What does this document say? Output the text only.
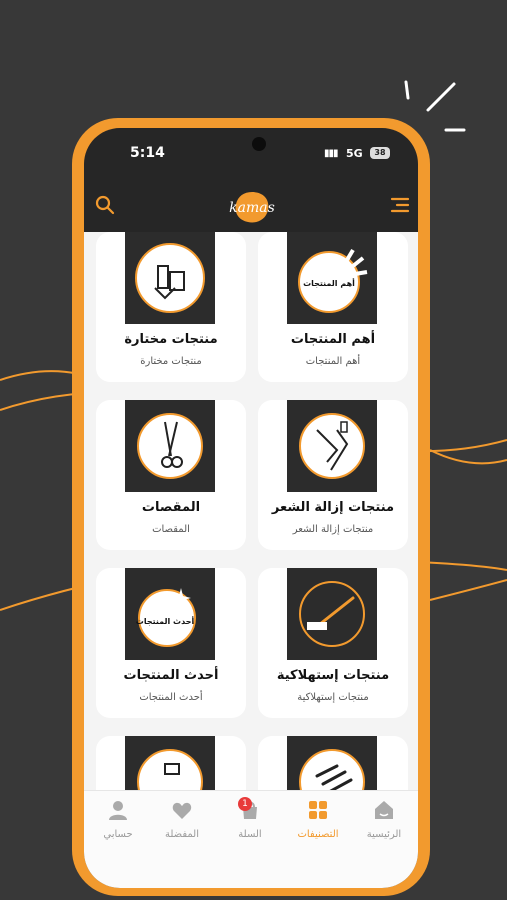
5:14	▮▮▮ 5G	38
kamas
منتجات مختارة
منتجات مختارة
أهم المنتجات
أهم المنتجات
أهم المنتجات
المقصات
المقصات
منتجات إزالة الشعر
منتجات إزالة الشعر
أحدث المنتجات
أحدث المنتجات
أحدث المنتجات
منتجات إستهلاكية
منتجات إستهلاكية
حسابي	المفضلة
1
السلة	التصنيفات	الرئيسية
